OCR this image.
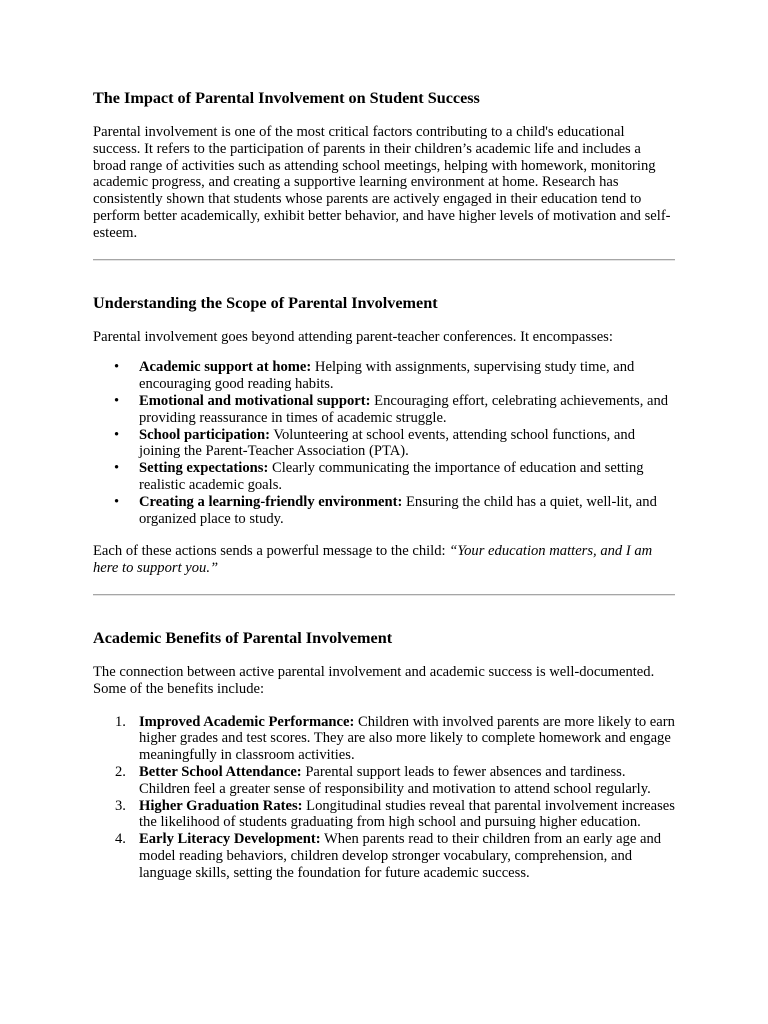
The Impact of Parental Involvement on Student Success

Parental involvement is one of the most critical factors contributing to a child's educational success. It refers to the participation of parents in their children’s academic life and includes a broad range of activities such as attending school meetings, helping with homework, monitoring academic progress, and creating a supportive learning environment at home. Research has consistently shown that students whose parents are actively engaged in their education tend to perform better academically, exhibit better behavior, and have higher levels of motivation and self-esteem.

Understanding the Scope of Parental Involvement

Parental involvement goes beyond attending parent-teacher conferences. It encompasses:

• Academic support at home: Helping with assignments, supervising study time, and encouraging good reading habits.
• Emotional and motivational support: Encouraging effort, celebrating achievements, and providing reassurance in times of academic struggle.
• School participation: Volunteering at school events, attending school functions, and joining the Parent-Teacher Association (PTA).
• Setting expectations: Clearly communicating the importance of education and setting realistic academic goals.
• Creating a learning-friendly environment: Ensuring the child has a quiet, well-lit, and organized place to study.

Each of these actions sends a powerful message to the child: “Your education matters, and I am here to support you.”

Academic Benefits of Parental Involvement

The connection between active parental involvement and academic success is well-documented. Some of the benefits include:

1. Improved Academic Performance: Children with involved parents are more likely to earn higher grades and test scores. They are also more likely to complete homework and engage meaningfully in classroom activities.
2. Better School Attendance: Parental support leads to fewer absences and tardiness. Children feel a greater sense of responsibility and motivation to attend school regularly.
3. Higher Graduation Rates: Longitudinal studies reveal that parental involvement increases the likelihood of students graduating from high school and pursuing higher education.
4. Early Literacy Development: When parents read to their children from an early age and model reading behaviors, children develop stronger vocabulary, comprehension, and language skills, setting the foundation for future academic success.
